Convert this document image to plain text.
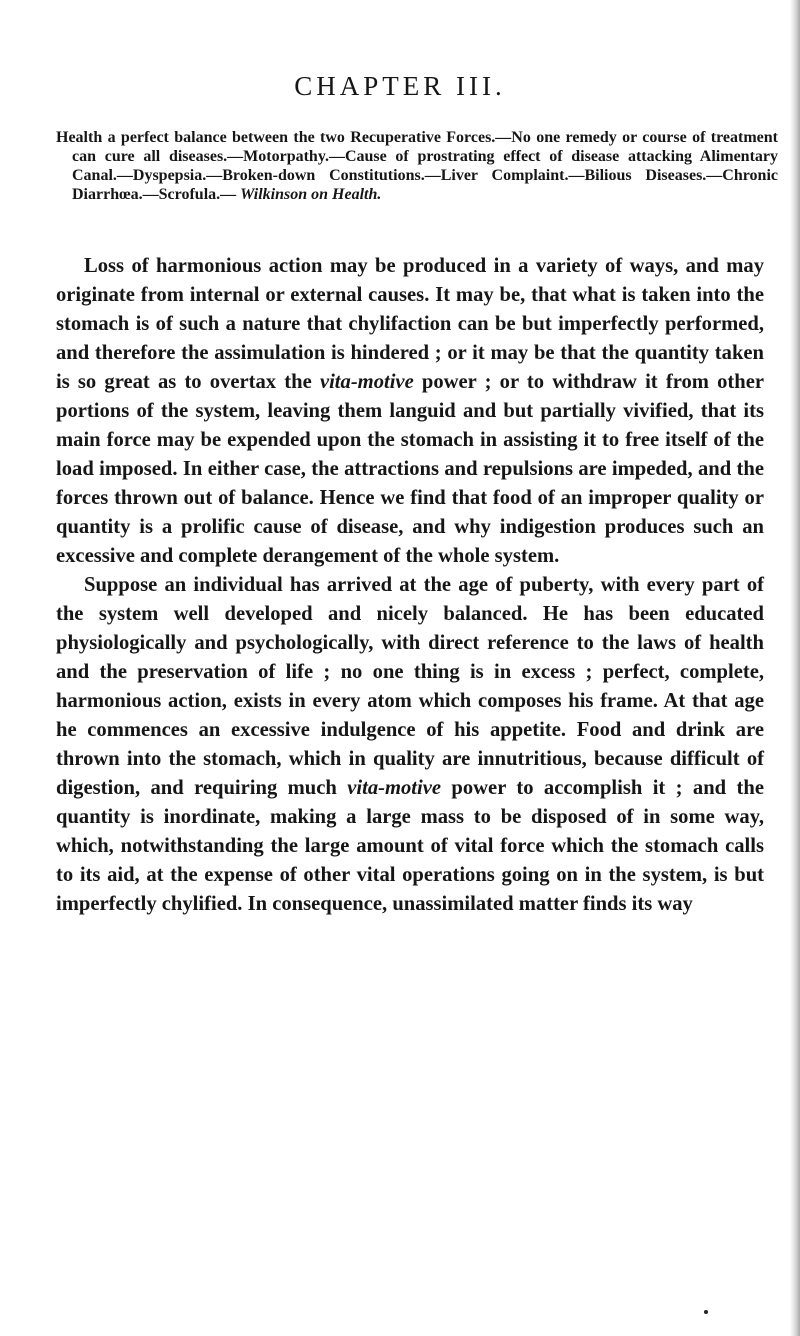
CHAPTER III.

Health a perfect balance between the two Recuperative Forces.—No one remedy or course of treatment can cure all diseases.—Motorpathy.—Cause of prostrating effect of disease attacking Alimentary Canal.—Dyspepsia.—Broken-down Constitutions.—Liver Complaint.—Bilious Diseases.—Chronic Diarrhœa.—Scrofula.— Wilkinson on Health.

Loss of harmonious action may be produced in a variety of ways, and may originate from internal or external causes. It may be, that what is taken into the stomach is of such a nature that chylifaction can be but imperfectly performed, and therefore the assimulation is hindered ; or it may be that the quantity taken is so great as to overtax the vita-motive power ; or to withdraw it from other portions of the system, leaving them languid and but partially vivified, that its main force may be expended upon the stomach in assisting it to free itself of the load imposed. In either case, the attractions and repulsions are impeded, and the forces thrown out of balance. Hence we find that food of an improper quality or quantity is a prolific cause of disease, and why indigestion produces such an excessive and complete derangement of the whole system.

Suppose an individual has arrived at the age of puberty, with every part of the system well developed and nicely balanced. He has been educated physiologically and psychologically, with direct reference to the laws of health and the preservation of life ; no one thing is in excess ; perfect, complete, harmonious action, exists in every atom which composes his frame. At that age he commences an excessive indulgence of his appetite. Food and drink are thrown into the stomach, which in quality are innutritious, because difficult of digestion, and requiring much vita-motive power to accomplish it ; and the quantity is inordinate, making a large mass to be disposed of in some way, which, notwithstanding the large amount of vital force which the stomach calls to its aid, at the expense of other vital operations going on in the system, is but imperfectly chylified. In consequence, unassimilated matter finds its way
